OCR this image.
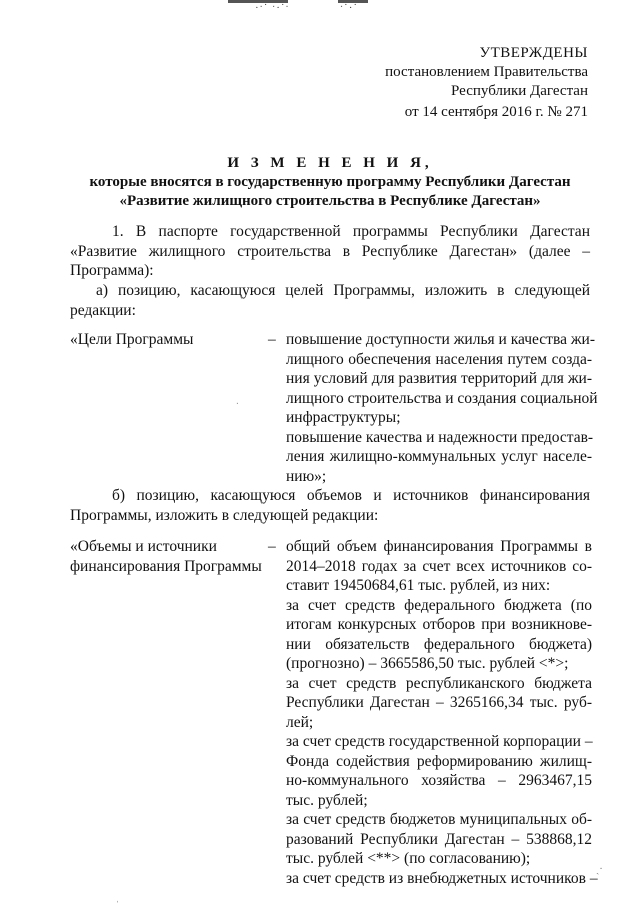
·ˑ˙ ˑ·˙ˑ	ˑ˙·˙
УТВЕРЖДЕНЫ
постановлением Правительства
Республики Дагестан
от 14 сентября 2016 г. № 271
И З М Е Н Е Н И Я,
которые вносятся в государственную программу Республики Дагестан
«Развитие жилищного строительства в Республике Дагестан»
1. В паспорте государственной программы Республики Дагестан «Развитие жилищного строительства в Республике Дагестан» (далее – Программа):
а) позицию, касающуюся целей Программы, изложить в следующей редакции:
«Цели Программы	– повышение доступности жилья и качества жи-
лищного обеспечения населения путем созда-
ния условий для развития территорий для жи-
лищного строительства и создания социальной
инфраструктуры;
повышение качества и надежности предостав-
ления жилищно-коммунальных услуг населе-
нию»;
б) позицию, касающуюся объемов и источников финансирования Программы, изложить в следующей редакции:
«Объемы и источники
финансирования Программы
– общий объем финансирования Программы в
2014–2018 годах за счет всех источников со-
ставит 19450684,61 тыс. рублей, из них:
за счет средств федерального бюджета (по
итогам конкурсных отборов при возникнове-
нии обязательств федерального бюджета)
(прогнозно) – 3665586,50 тыс. рублей <*>;
за счет средств республиканского бюджета
Республики Дагестан – 3265166,34 тыс. руб-
лей;
за счет средств государственной корпорации –
Фонда содействия реформированию жилищ-
но-коммунального хозяйства – 2963467,15
тыс. рублей;
за счет средств бюджетов муниципальных об-
разований Республики Дагестан – 538868,12
тыс. рублей <**> (по согласованию);
за счет средств из внебюджетных источников –
ˑ
ˏ·
ˌ
